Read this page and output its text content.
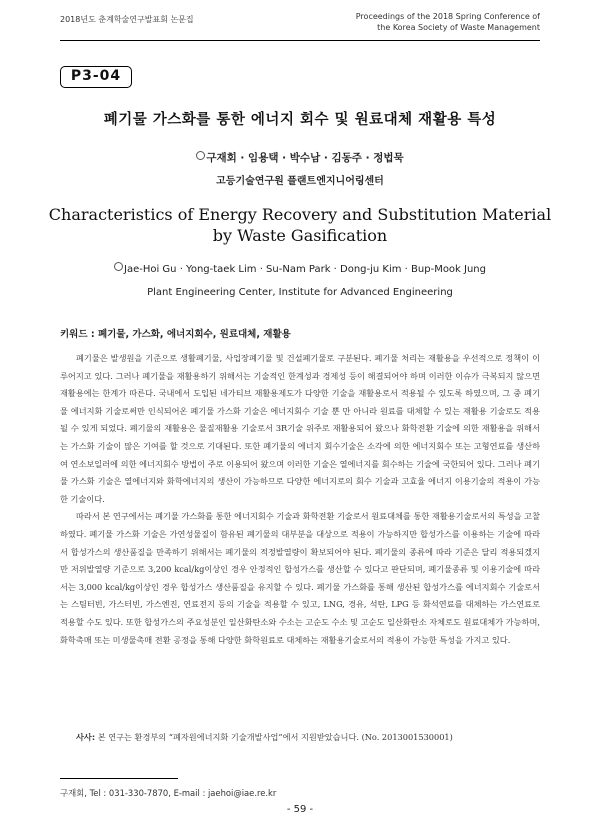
2018년도 춘계학술연구발표회 논문집	Proceedings of the 2018 Spring Conference of
the Korea Society of Waste Management
P3-04
폐기물 가스화를 통한 에너지 회수 및 원료대체 재활용 특성
구재회 · 임용택 · 박수남 · 김동주 · 정법묵
고등기술연구원 플랜트엔지니어링센터
Characteristics of Energy Recovery and Substitution Material
by Waste Gasification
Jae-Hoi Gu · Yong-taek Lim · Su-Nam Park · Dong-ju Kim · Bup-Mook Jung
Plant Engineering Center, Institute for Advanced Engineering
키워드 : 폐기물, 가스화, 에너지회수, 원료대체, 재활용

폐기물은 발생원을 기준으로 생활폐기물, 사업장폐기물 및 건설폐기물로 구분된다. 폐기물 처리는 재활용을 우선적으로 정책이 이루어지고 있다. 그러나 폐기물을 재활용하기 위해서는 기술적인 한계성과 경제성 등이 해결되어야 하며 이러한 이슈가 극복되지 않으면 재활용에는 한계가 따른다. 국내에서 도입된 네가티브 재활용제도가 다양한 기술을 재활용로서 적용될 수 있도록 하였으며, 그 중 폐기물 에너지화 기술로써만 인식되어온 폐기물 가스화 기술은 에너지회수 기술 뿐 만 아니라 원료를 대체할 수 있는 재활용 기술로도 적용될 수 있게 되었다. 폐기물의 재활용은 물질재활용 기술로서 3R기술 위주로 재활용되어 왔으나 화학전환 기술에 의한 재활용을 위해서는 가스화 기술이 많은 기여를 할 것으로 기대된다. 또한 폐기물의 에너지 회수기술은 소각에 의한 에너지회수 또는 고형연료를 생산하여 연소보일러에 의한 에너지회수 방법이 주로 이용되어 왔으며 이러한 기술은 열에너지를 회수하는 기술에 국한되어 있다. 그러나 폐기물 가스화 기술은 열에너지와 화학에너지의 생산이 가능하므로 다양한 에너지로의 회수 기술과 고효율 에너지 이용기술의 적용이 가능한 기술이다.

따라서 본 연구에서는 폐기물 가스화를 통한 에너지회수 기술과 화학전환 기술로서 원료대체를 통한 재활용기술로서의 특성을 고찰하였다. 폐기물 가스화 기술은 가연성물질이 함유된 폐기물의 대부분을 대상으로 적용이 가능하지만 합성가스를 이용하는 기술에 따라서 합성가스의 생산품질을 만족하기 위해서는 폐기물의 적정발열량이 확보되어야 된다. 폐기물의 종류에 따라 기준은 달리 적용되겠지만 저위발열량 기준으로 3,200 kcal/kg이상인 경우 안정적인 합성가스를 생산할 수 있다고 판단되며, 폐기물종류 및 이용기술에 따라서는 3,000 kcal/kg이상인 경우 합성가스 생산품질을 유지할 수 있다. 폐기물 가스화를 통해 생산된 합성가스를 에너지회수 기술로서는 스팀터빈, 가스터빈, 가스엔진, 연료전지 등의 기술을 적용할 수 있고, LNG, 경유, 석탄, LPG 등 화석연료를 대체하는 가스연료로 적용할 수도 있다. 또한 합성가스의 주요성분인 일산화탄소와 수소는 고순도 수소 및 고순도 일산화탄소 자체로도 원료대체가 가능하며, 화학촉매 또는 미생물촉매 전환 공정을 통해 다양한 화학원료로 대체하는 재활용기술로서의 적용이 가능한 특성을 가지고 있다.

사사: 본 연구는 환경부의 “폐자원에너지화 기술개발사업”에서 지원받았습니다. (No. 2013001530001)
구재회, Tel : 031-330-7870, E-mail : jaehoi@iae.re.kr
- 59 -
